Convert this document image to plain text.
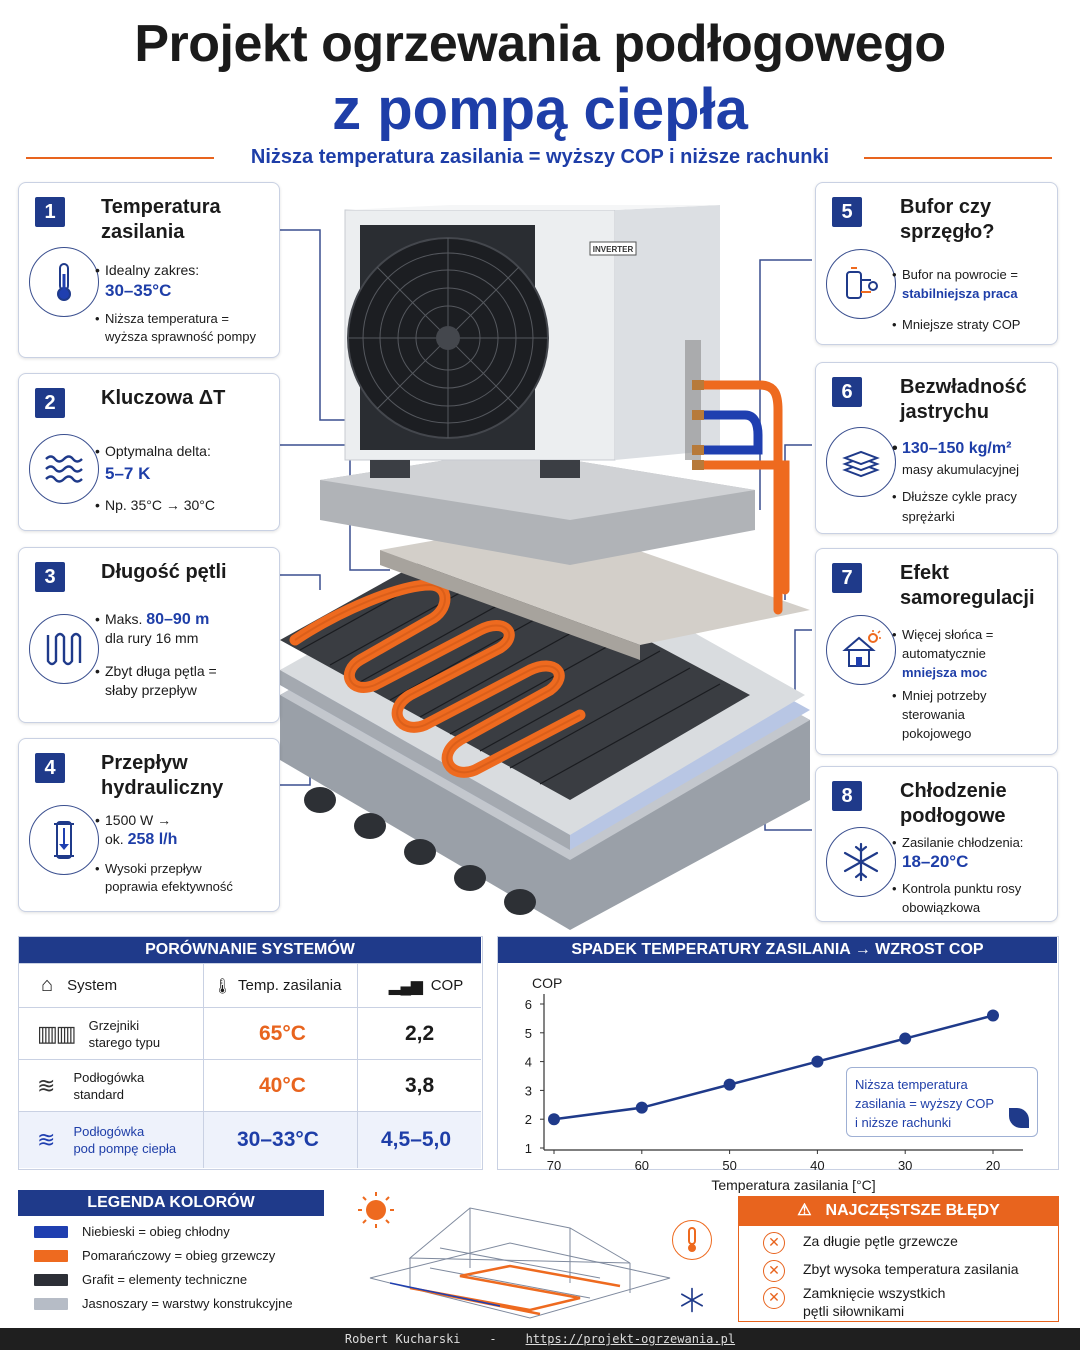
Projekt ogrzewania podłogowego
z pompą ciepła
Niższa temperatura zasilania = wyższy COP i niższe rachunki
INVERTER
1	Temperatura
zasilania
• Idealny zakres:
30–35°C
• Niższa temperatura =
wyższa sprawność pompy
2	Kluczowa ΔT
• Optymalna delta:
5–7 K
• Np. 35°C → 30°C
3	Długość pętli
• Maks. 80–90 m
dla rury 16 mm
• Zbyt długa pętla =
słaby przepływ
4	Przepływ
hydrauliczny
• 1500 W →
ok. 258 l/h
• Wysoki przepływ
poprawia efektywność
5	Bufor czy
sprzęgło?
• Bufor na powrocie =
stabilniejsza praca
• Mniejsze straty COP
6	Bezwładność
jastrychu
• 130–150 kg/m²
masy akumulacyjnej
• Dłuższe cykle pracy
sprężarki
7	Efekt
samoregulacji
• Więcej słońca =
automatycznie
mniejsza moc
• Mniej potrzeby
sterowania
pokojowego
8	Chłodzenie
podłogowe
• Zasilanie chłodzenia:
18–20°C
• Kontrola punktu rosy
obowiązkowa
PORÓWNANIE SYSTEMÓW
⌂ System	🌡 Temp. zasilania	▂▄▆ COP
▥▥ Grzejniki
starego typu	65°C	2,2
≋ Podłogówka
standard	40°C	3,8
≋ Podłogówka
pod pompę ciepła	30–33°C	4,5–5,0
SPADEK TEMPERATURY ZASILANIA → WZROST COP
1
2
3
4
5
6
70	60	50	40	30	20
COP
Temperatura zasilania [°C]
Niższa temperatura
zasilania = wyższy COP
i niższe rachunki
LEGENDA KOLORÓW
Niebieski = obieg chłodny
Pomarańczowy = obieg grzewczy
Grafit = elementy techniczne
Jasnoszary = warstwy konstrukcyjne
✕	Za długie pętle grzewcze
✕	Zbyt wysoka temperatura zasilania
✕	Zamknięcie wszystkich
pętli siłownikami
⚠ NAJCZĘSTSZE BŁĘDY
Robert Kucharski - https://projekt-ogrzewania.pl
